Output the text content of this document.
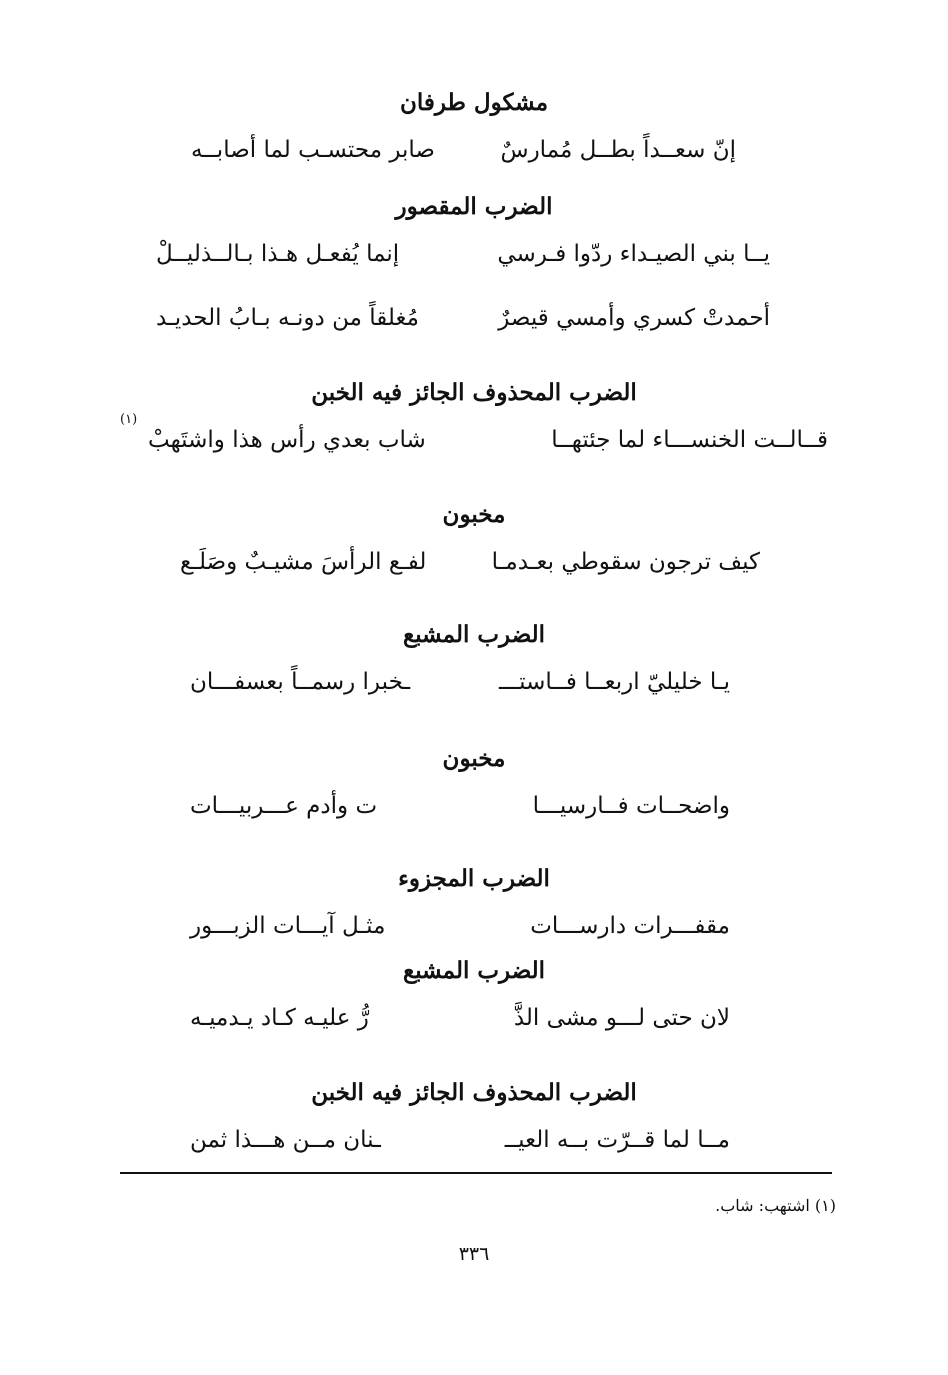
مشكول طرفان
إنّ سعــداً بطــل مُمارسٌ
صابر محتسـب لما أصابــه
الضرب المقصور
يــا بني الصيـداء ردّوا فـرسي
إنما يُفعـل هـذا بـالــذليــلْ
أحمدتْ كسري وأمسي قيصرٌ
مُغلقاً من دونـه بـابُ الحديـد
الضرب المحذوف الجائز فيه الخبن
قــالــت الخنســـاء لما جئتهــا
شاب بعدي رأس هذا واشتَهبْ
(١)
مخبون
كيف ترجون سقوطي بعـدمـا
لفـع الرأسَ مشيـبٌ وصَلَـع
الضرب المشبع
يـا خليليّ اربعــا فــاستـــ
ـخبرا رسمــاً بعسفـــان
مخبون
واضحــات فــارسيـــا
ت وأدم عـــربيـــات
الضرب المجزوء
مقفـــرات دارســـات
مثـل آيـــات الزبـــور
الضرب المشبع
لان حتى لـــو مشى الذَّ
رُّ عليـه كـاد يـدميـه
الضرب المحذوف الجائز فيه الخبن
مــا لما قــرّت بــه العيــ
ـنان مــن هـــذا ثمن
(١) اشتهب: شاب.
٣٣٦
